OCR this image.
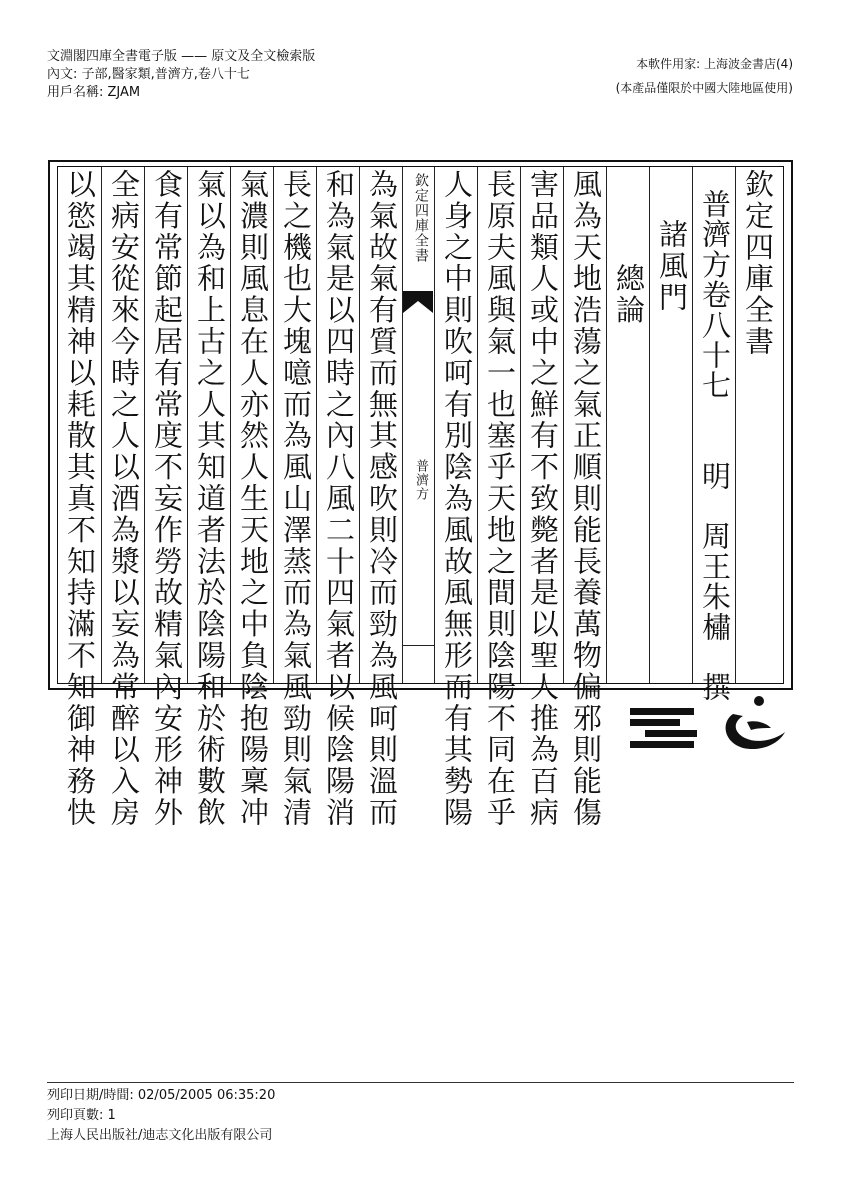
文淵閣四庫全書電子版 —— 原文及全文檢索版
內文: 子部,醫家類,普濟方,卷八十七
用戶名稱: ZJAM
本軟件用家: 上海波金書店(4)
(本產品僅限於中國大陸地區使用)
以慾竭其精神以耗散其真不知持滿不知御神務快 全病安從來今時之人以酒為漿以妄為常醉以入房 食有常節起居有常度不妄作勞故精氣內安形神外 氣以為和上古之人其知道者法於陰陽和於術數飲 氣濃則風息在人亦然人生天地之中負陰抱陽稟冲 長之機也大塊噫而為風山澤蒸而為氣風勁則氣清 和為氣是以四時之內八風二十四氣者以候陰陽消 為氣故氣有質而無其感吹則冷而勁為風呵則溫而 欽定四庫全書
普濟方 人身之中則吹呵有別陰為風故風無形而有其勢陽 長原夫風與氣一也塞乎天地之間則陰陽不同在乎 害品類人或中之鮮有不致斃者是以聖人推為百病 風為天地浩蕩之氣正順則能長養萬物偏邪則能傷 總論 諸風門 普濟方卷八十七　　明　周王朱橚　撰 欽定四庫全書
列印日期/時間: 02/05/2005 06:35:20
列印頁數: 1
上海人民出版社/迪志文化出版有限公司
